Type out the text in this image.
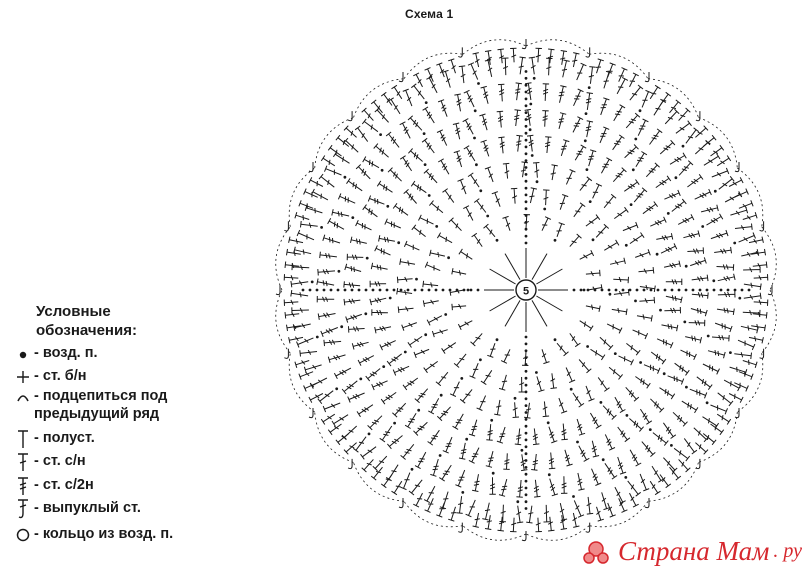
5
Схема 1
Условные
обозначения:
- возд. п.
- ст. б/н
- подцепиться под
предыдущий ряд
- полуст.
- ст. с/н
- ст. с/2н
- выпуклый ст.
- кольцо из возд. п.
Страна Мам . ру
